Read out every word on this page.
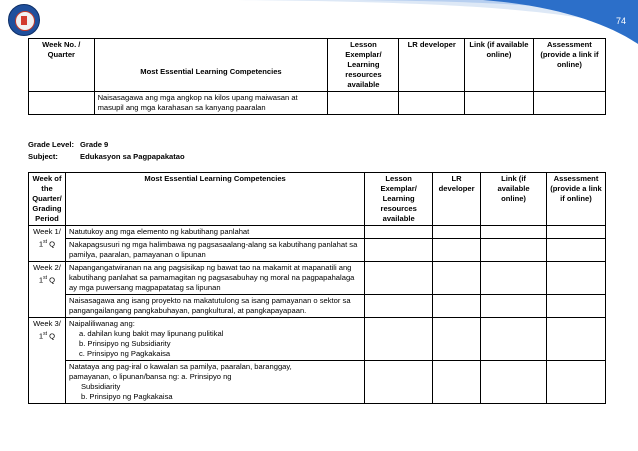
74
Week No. / Quarter	Most Essential Learning Competencies	Lesson Exemplar/ Learning resources available	LR developer	Link (if available online)	Assessment (provide a link if online)
	Naisasagawa ang mga angkop na kilos upang maiwasan at masupil ang mga karahasan sa kanyang paaralan				
Grade Level: Grade 9
Subject:	Edukasyon sa Pagpapakatao
Week of the Quarter/ Grading Period	Most Essential Learning Competencies	Lesson Exemplar/ Learning resources available	LR developer	Link (if available online)	Assessment (provide a link if online)

Week 1/
1st Q	Natutukoy ang mga elemento ng kabutihang panlahat				
	Nakapagsusuri ng mga halimbawa ng pagsasaalang-alang sa kabutihang panlahat sa pamilya, paaralan, pamayanan o lipunan				

Week 2/
1st Q	Napangangatwiranan na ang pagsisikap ng bawat tao na makamit at mapanatili ang kabutihang panlahat sa pamamagitan ng pagsasabuhay ng moral na pagpapahalaga ay mga puwersang magpapatatag sa lipunan				
	Naisasagawa ang isang proyekto na makatutulong sa isang pamayanan o sektor sa pangangailangang pangkabuhayan, pangkultural, at pangkapayapaan.				

Week 3/
1st Q	Naipaliliwanag ang:
a. dahilan kung bakit may lipunang pulitikal
b. Prinsipyo ng Subsidiarity
c. Prinsipyo ng Pagkakaisa				

	Natataya ang pag-iral o kawalan sa pamilya, paaralan, baranggay,
pamayanan, o lipunan/bansa ng: a. Prinsipyo ng
Subsidiarity
b. Prinsipyo ng Pagkakaisa				
